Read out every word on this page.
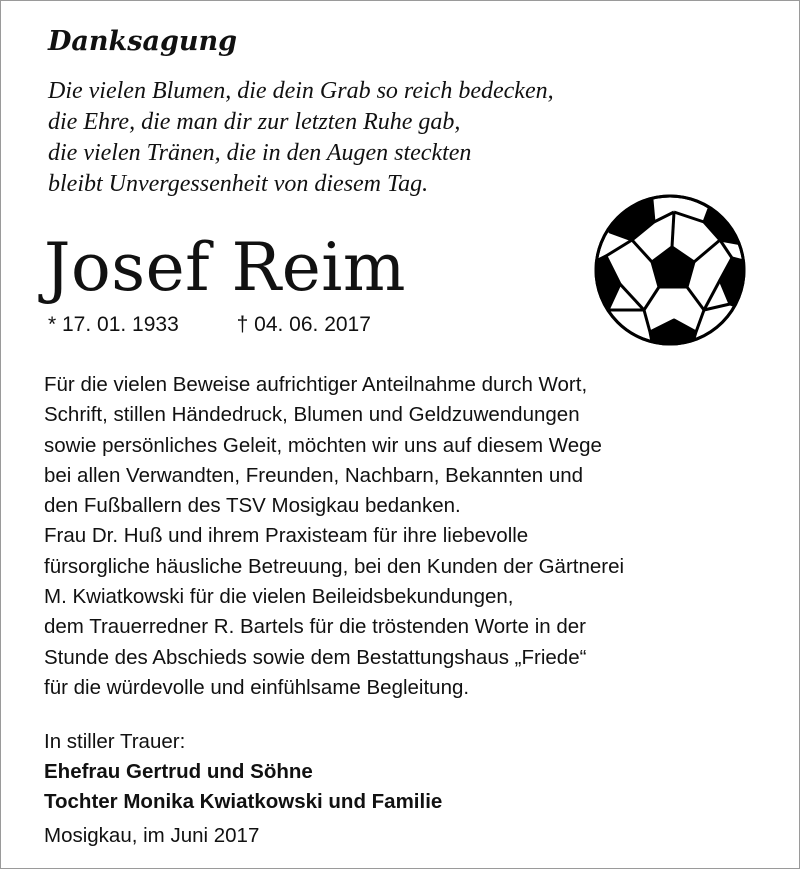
Danksagung
Die vielen Blumen, die dein Grab so reich bedecken,
die Ehre, die man dir zur letzten Ruhe gab,
die vielen Tränen, die in den Augen steckten
bleibt Unvergessenheit von diesem Tag.
Josef Reim
* 17. 01. 1933	† 04. 06. 2017
Für die vielen Beweise aufrichtiger Anteilnahme durch Wort,
Schrift, stillen Händedruck, Blumen und Geldzuwendungen
sowie persönliches Geleit, möchten wir uns auf diesem Wege
bei allen Verwandten, Freunden, Nachbarn, Bekannten und
den Fußballern des TSV Mosigkau bedanken.
Frau Dr. Huß und ihrem Praxisteam für ihre liebevolle
fürsorgliche häusliche Betreuung, bei den Kunden der Gärtnerei
M. Kwiatkowski für die vielen Beileidsbekundungen,
dem Trauerredner R. Bartels für die tröstenden Worte in der
Stunde des Abschieds sowie dem Bestattungshaus „Friede“
für die würdevolle und einfühlsame Begleitung.
In stiller Trauer:
Ehefrau Gertrud und Söhne
Tochter Monika Kwiatkowski und Familie
Mosigkau, im Juni 2017
